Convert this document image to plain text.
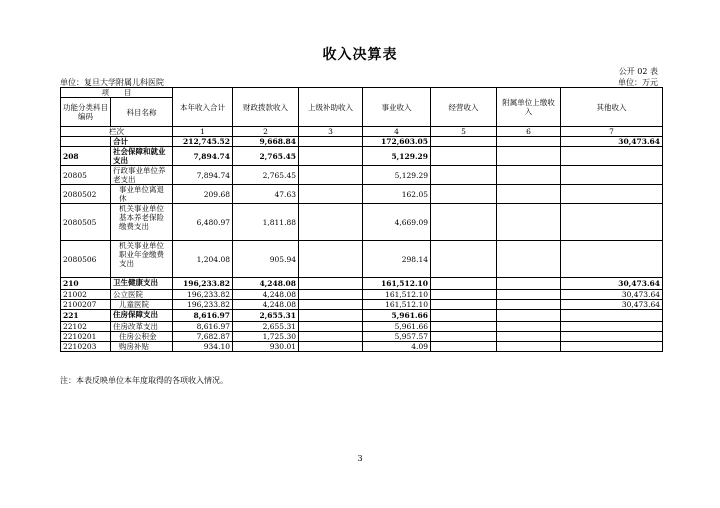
收入决算表
公开 02 表
单位：复旦大学附属儿科医院	单位：万元
项　　目		本年收入合计	财政拨款收入	上级补助收入	事业收入	经营收入	附属单位上缴收入	其他收入
功能分类科目编码	科目名称							
栏次		1	2	3	4	5	6	7
	合计	212,745.52	9,668.84		172,603.05			30,473.64
208	社会保障和就业支出	7,894.74	2,765.45		5,129.29			
20805	行政事业单位养老支出	7,894.74	2,765.45		5,129.29			
2080502	事业单位离退休	209.68	47.63		162.05			
2080505	机关事业单位基本养老保险缴费支出	6,480.97	1,811.88		4,669.09			
2080506	机关事业单位职业年金缴费支出	1,204.08	905.94		298.14			
210	卫生健康支出	196,233.82	4,248.08		161,512.10			30,473.64
21002	公立医院	196,233.82	4,248.08		161,512.10			30,473.64
2100207	儿童医院	196,233.82	4,248.08		161,512.10			30,473.64
221	住房保障支出	8,616.97	2,655.31		5,961.66			
22102	住房改革支出	8,616.97	2,655.31		5,961.66			
2210201	住房公积金	7,682.87	1,725.30		5,957.57			
2210203	购房补贴	934.10	930.01		4.09			
注：本表反映单位本年度取得的各项收入情况。
3
